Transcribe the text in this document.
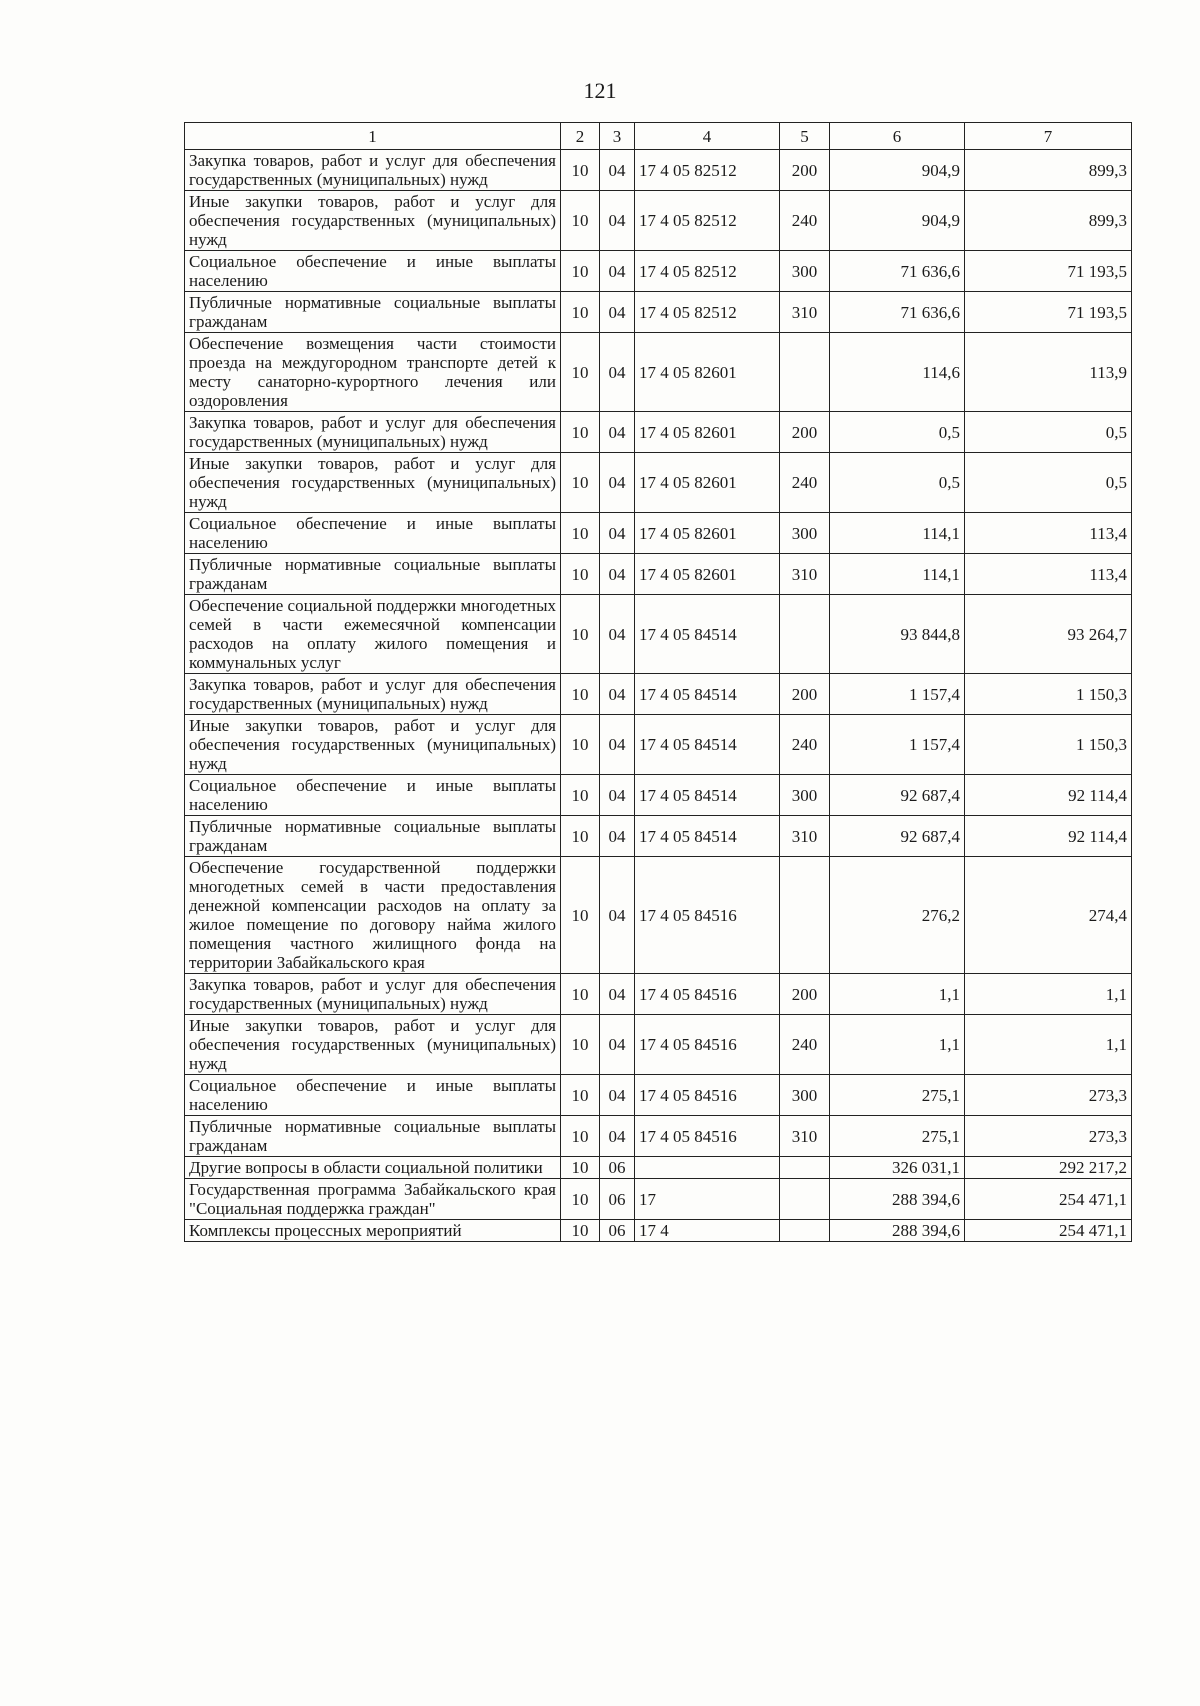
121
1	2	3	4	5	6	7
Закупка товаров, работ и услуг для обеспечения государственных (муниципальных) нужд	10	04	17 4 05 82512	200	904,9	899,3
Иные закупки товаров, работ и услуг для обеспечения государственных (муниципальных) нужд	10	04	17 4 05 82512	240	904,9	899,3
Социальное обеспечение и иные выплаты населению	10	04	17 4 05 82512	300	71 636,6	71 193,5
Публичные нормативные социальные выплаты гражданам	10	04	17 4 05 82512	310	71 636,6	71 193,5
Обеспечение возмещения части стоимости проезда на междугородном транспорте детей к месту санаторно-курортного лечения или оздоровления	10	04	17 4 05 82601		114,6	113,9
Закупка товаров, работ и услуг для обеспечения государственных (муниципальных) нужд	10	04	17 4 05 82601	200	0,5	0,5
Иные закупки товаров, работ и услуг для обеспечения государственных (муниципальных) нужд	10	04	17 4 05 82601	240	0,5	0,5
Социальное обеспечение и иные выплаты населению	10	04	17 4 05 82601	300	114,1	113,4
Публичные нормативные социальные выплаты гражданам	10	04	17 4 05 82601	310	114,1	113,4
Обеспечение социальной поддержки многодетных семей в части ежемесячной компенсации расходов на оплату жилого помещения и коммунальных услуг	10	04	17 4 05 84514		93 844,8	93 264,7
Закупка товаров, работ и услуг для обеспечения государственных (муниципальных) нужд	10	04	17 4 05 84514	200	1 157,4	1 150,3
Иные закупки товаров, работ и услуг для обеспечения государственных (муниципальных) нужд	10	04	17 4 05 84514	240	1 157,4	1 150,3
Социальное обеспечение и иные выплаты населению	10	04	17 4 05 84514	300	92 687,4	92 114,4
Публичные нормативные социальные выплаты гражданам	10	04	17 4 05 84514	310	92 687,4	92 114,4
Обеспечение государственной поддержки многодетных семей в части предоставления денежной компенсации расходов на оплату за жилое помещение по договору найма жилого помещения частного жилищного фонда на территории Забайкальского края	10	04	17 4 05 84516		276,2	274,4
Закупка товаров, работ и услуг для обеспечения государственных (муниципальных) нужд	10	04	17 4 05 84516	200	1,1	1,1
Иные закупки товаров, работ и услуг для обеспечения государственных (муниципальных) нужд	10	04	17 4 05 84516	240	1,1	1,1
Социальное обеспечение и иные выплаты населению	10	04	17 4 05 84516	300	275,1	273,3
Публичные нормативные социальные выплаты гражданам	10	04	17 4 05 84516	310	275,1	273,3
Другие вопросы в области социальной политики	10	06			326 031,1	292 217,2
Государственная программа Забайкальского края "Социальная поддержка граждан"	10	06	17		288 394,6	254 471,1
Комплексы процессных мероприятий	10	06	17 4		288 394,6	254 471,1
